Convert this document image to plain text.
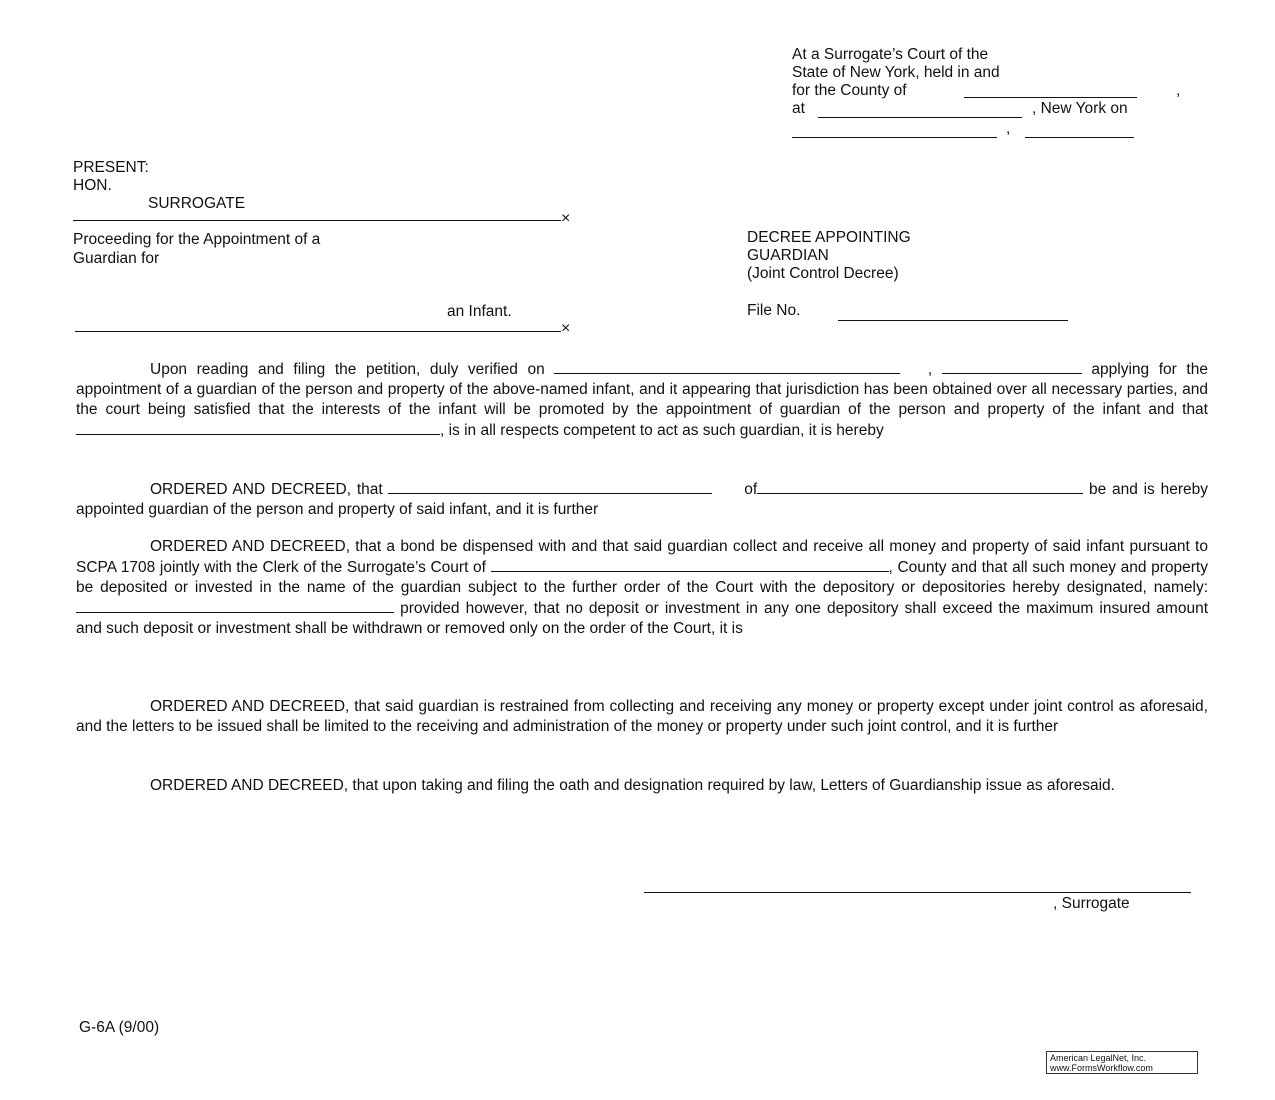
At a Surrogate’s Court of the
State of New York, held in and
for the County of	,
at	, New York on
,
PRESENT:
HON.
SURROGATE
×
Proceeding for the Appointment of a
Guardian for
an Infant.
×
DECREE APPOINTING
GUARDIAN
(Joint Control Decree)
File No.
Upon reading and filing the petition, duly verified on	,	applying for the appointment of a guardian of the person and property of the above-named infant, and it appearing that jurisdiction has been obtained over all necessary parties, and the court being satisfied that the interests of the infant will be promoted by the appointment of guardian of the person and property of the infant and that , is in all respects competent to act as such guardian, it is hereby
ORDERED AND DECREED, that	of	be and is hereby appointed guardian of the person and property of said infant, and it is further
ORDERED AND DECREED, that a bond be dispensed with and that said guardian collect and receive all money and property of said infant pursuant to SCPA 1708 jointly with the Clerk of the Surrogate’s Court of	, County and that all such money and property be deposited or invested in the name of the guardian subject to the further order of the Court with the depository or depositories hereby designated, namely: provided however, that no deposit or investment in any one depository shall exceed the maximum insured amount and such deposit or investment shall be withdrawn or removed only on the order of the Court, it is
ORDERED AND DECREED, that said guardian is restrained from collecting and receiving any money or property except under joint control as aforesaid, and the letters to be issued shall be limited to the receiving and administration of the money or property under such joint control, and it is further
ORDERED AND DECREED, that upon taking and filing the oath and designation required by law, Letters of Guardianship issue as aforesaid.
, Surrogate
G-6A (9/00)
American LegalNet, Inc.
www.FormsWorkflow.com
